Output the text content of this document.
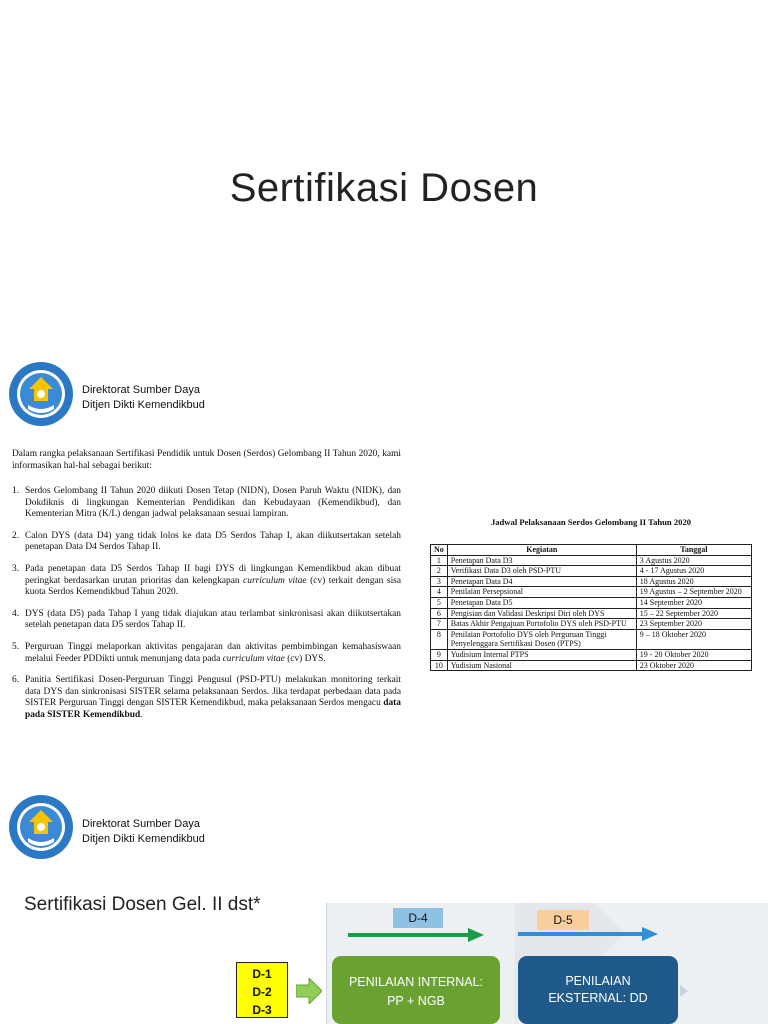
Sertifikasi Dosen
Direktorat Sumber Daya
Ditjen Dikti Kemendikbud
Dalam rangka pelaksanaan Sertifikasi Pendidik untuk Dosen (Serdos) Gelombang II Tahun 2020, kami informasikan hal-hal sebagai berikut:
1. Serdos Gelombang II Tahun 2020 diikuti Dosen Tetap (NIDN), Dosen Paruh Waktu (NIDK), dan Dokdiknis di lingkungan Kementerian Pendidikan dan Kebudayaan (Kemendikbud), dan Kementerian Mitra (K/L) dengan jadwal pelaksanaan sesuai lampiran.
2. Calon DYS (data D4) yang tidak lolos ke data D5 Serdos Tahap I, akan diikutsertakan setelah penetapan Data D4 Serdos Tahap II.
3. Pada penetapan data D5 Serdos Tahap II bagi DYS di lingkungan Kemendikbud akan dibuat peringkat berdasarkan urutan prioritas dan kelengkapan curriculum vitae (cv) terkait dengan sisa kuota Serdos Kemendikbud Tahun 2020.
4. DYS (data D5) pada Tahap I yang tidak diajukan atau terlambat sinkronisasi akan diikutsertakan setelah penetapan data D5 serdos Tahap II.
5. Perguruan Tinggi melaporkan aktivitas pengajaran dan aktivitas pembimbingan kemahasiswaan melalui Feeder PDDikti untuk menunjang data pada curriculum vitae (cv) DYS.
6. Panitia Sertifikasi Dosen-Perguruan Tinggi Pengusul (PSD-PTU) melakukan monitoring terkait data DYS dan sinkronisasi SISTER selama pelaksanaan Serdos. Jika terdapat perbedaan data pada SISTER Perguruan Tinggi dengan SISTER Kemendikbud, maka pelaksanaan Serdos mengacu data pada SISTER Kemendikbud.
Jadwal Pelaksanaan Serdos Gelombang II Tahun 2020
No	Kegiatan	Tanggal
1	Penetapan Data D3	3 Agustus 2020
2	Verifikasi Data D3 oleh PSD-PTU	4 - 17 Agustus 2020
3	Penetapan Data D4	18 Agustus 2020
4	Penilaian Persepsional	19 Agustus – 2 September 2020
5	Penetapan Data D5	14 September 2020
6	Pengisian dan Validasi Deskripsi Diri oleh DYS	15 – 22 September 2020
7	Batas Akhir Pengajuan Portofolio DYS oleh PSD-PTU	23 September 2020
8	Penilaian Portofolio DYS oleh Perguruan Tinggi Penyelenggara Sertifikasi Dosen (PTPS)	9 – 18 Oktober 2020
9	Yudisium Internal PTPS	19 - 20 Oktober 2020
10	Yudisium Nasional	23 Oktober 2020
Direktorat Sumber Daya
Ditjen Dikti Kemendikbud
Sertifikasi Dosen Gel. II dst*
D-4	D-5
D-1
D-2
D-3
PENILAIAN INTERNAL:
PP + NGB
PENILAIAN
EKSTERNAL: DD
